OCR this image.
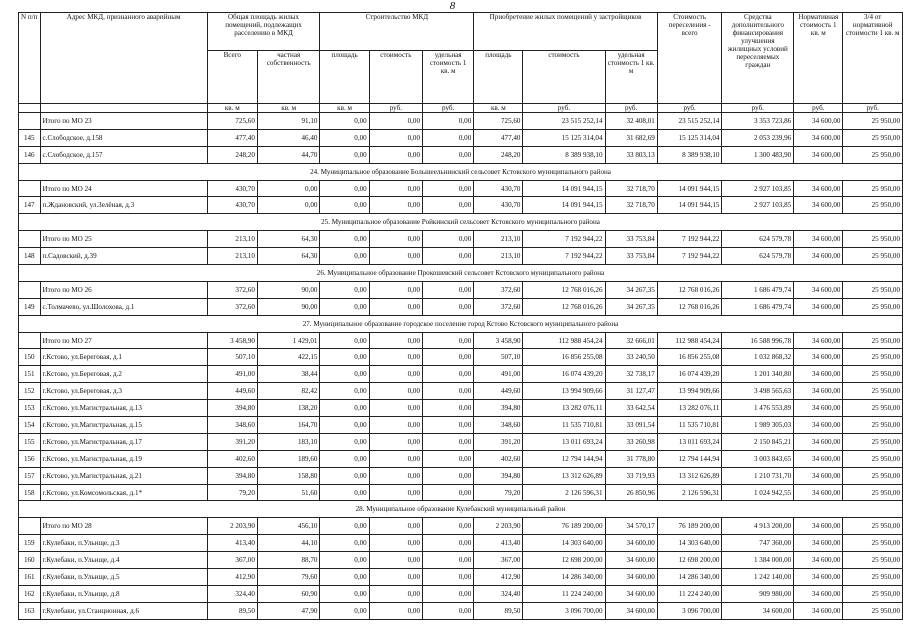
8
N п/п	Адрес МКД, признанного аварийным	Общая площадь жилых помещений, подлежащих расселению в МКД		Строительство МКД			Приобретение жилых помещений у застройщиков			Стоимость переселения - всего	Средства дополнительного финансирования улучшения жилищных условий переселяемых граждан	Нормативная стоимость 1 кв. м	3/4 от нормативной стоимости 1 кв. м
		Всего	частная собственность	площадь	стоимость	удельная стоимость 1 кв. м	площадь	стоимость	удельная стоимость 1 кв. м				
		кв. м	кв. м	кв. м	руб.	руб.	кв. м	руб.	руб.	руб.	руб.	руб.	руб.
	Итого по МО 23	725,60	91,10	0,00	0,00	0,00	725,60	23 515 252,14	32 408,01	23 515 252,14	3 353 723,86	34 600,00	25 950,00
145	с.Слободское, д.158	477,40	46,40	0,00	0,00	0,00	477,40	15 125 314,04	31 682,69	15 125 314,04	2 053 239,96	34 600,00	25 950,00
146	с.Слободское, д.157	248,20	44,70	0,00	0,00	0,00	248,20	8 389 938,10	33 803,13	8 389 938,10	1 300 483,90	34 600,00	25 950,00
24. Муниципальное образование Большеельнинский сельсовет Кстовского муниципального района													
	Итого по МО 24	430,70	0,00	0,00	0,00	0,00	430,70	14 091 944,15	32 718,70	14 091 944,15	2 927 103,85	34 600,00	25 950,00
147	п.Ждановский, ул.Зелёная, д.3	430,70	0,00	0,00	0,00	0,00	430,70	14 091 944,15	32 718,70	14 091 944,15	2 927 103,85	34 600,00	25 950,00
25. Муниципальное образование Ройкинский сельсовет Кстовского муниципального района													
	Итого по МО 25	213,10	64,30	0,00	0,00	0,00	213,10	7 192 944,22	33 753,84	7 192 944,22	624 579,78	34 600,00	25 950,00
148	п.Садовский, д.39	213,10	64,30	0,00	0,00	0,00	213,10	7 192 944,22	33 753,84	7 192 944,22	624 579,78	34 600,00	25 950,00
26. Муниципальное образование Прокошевский сельсовет Кстовского муниципального района													
	Итого по МО 26	372,60	90,00	0,00	0,00	0,00	372,60	12 768 016,26	34 267,35	12 768 016,26	1 686 479,74	34 600,00	25 950,00
149	с.Толмачево, ул.Шолохова, д.1	372,60	90,00	0,00	0,00	0,00	372,60	12 768 016,26	34 267,35	12 768 016,26	1 686 479,74	34 600,00	25 950,00
27. Муниципальное образование городское поселение город Кстово Кстовского муниципального района													
	Итого по МО 27	3 458,90	1 429,01	0,00	0,00	0,00	3 458,90	112 988 454,24	32 666,01	112 988 454,24	16 588 996,78	34 600,00	25 950,00
150	г.Кстово, ул.Береговая, д.1	507,10	422,15	0,00	0,00	0,00	507,10	16 856 255,08	33 240,50	16 856 255,08	1 032 868,32	34 600,00	25 950,00
151	г.Кстово, ул.Береговая, д.2	491,00	38,44	0,00	0,00	0,00	491,00	16 074 439,20	32 738,17	16 074 439,20	1 201 340,80	34 600,00	25 950,00
152	г.Кстово, ул.Береговая, д.3	449,60	82,42	0,00	0,00	0,00	449,60	13 994 909,66	31 127,47	13 994 909,66	3 498 565,63	34 600,00	25 950,00
153	г.Кстово, ул.Магистральная, д.13	394,80	138,20	0,00	0,00	0,00	394,80	13 282 076,11	33 642,54	13 282 076,11	1 476 553,89	34 600,00	25 950,00
154	г.Кстово, ул.Магистральная, д.15	348,60	164,70	0,00	0,00	0,00	348,60	11 535 710,81	33 091,54	11 535 710,81	1 989 305,03	34 600,00	25 950,00
155	г.Кстово, ул.Магистральная, д.17	391,20	183,10	0,00	0,00	0,00	391,20	13 011 693,24	33 260,98	13 011 693,24	2 150 845,21	34 600,00	25 950,00
156	г.Кстово, ул.Магистральная, д.19	402,60	189,60	0,00	0,00	0,00	402,60	12 794 144,94	31 778,80	12 794 144,94	3 003 843,65	34 600,00	25 950,00
157	г.Кстово, ул.Магистральная, д.21	394,80	158,80	0,00	0,00	0,00	394,80	13 312 626,89	33 719,93	13 312 626,89	1 210 731,70	34 600,00	25 950,00
158	г.Кстово, ул.Комсомольская, д.1*	79,20	51,60	0,00	0,00	0,00	79,20	2 126 596,31	26 850,96	2 126 596,31	1 024 942,55	34 600,00	25 950,00
28. Муниципальное образование Кулебакский муниципальный район													
	Итого по МО 28	2 203,90	456,10	0,00	0,00	0,00	2 203,90	76 189 200,00	34 570,17	76 189 200,00	4 913 200,00	34 600,00	25 950,00
159	г.Кулебаки, п.Ульище, д.3	413,40	44,10	0,00	0,00	0,00	413,40	14 303 640,00	34 600,00	14 303 640,00	747 360,00	34 600,00	25 950,00
160	г.Кулебаки, п.Ульище, д.4	367,00	88,70	0,00	0,00	0,00	367,00	12 698 200,00	34 600,00	12 698 200,00	1 384 000,00	34 600,00	25 950,00
161	г.Кулебаки, п.Ульище, д.5	412,90	79,60	0,00	0,00	0,00	412,90	14 286 340,00	34 600,00	14 286 340,00	1 242 140,00	34 600,00	25 950,00
162	г.Кулебаки, п.Ульище, д.8	324,40	60,90	0,00	0,00	0,00	324,40	11 224 240,00	34 600,00	11 224 240,00	909 980,00	34 600,00	25 950,00
163	г.Кулебаки, ул.Станционная, д.6	89,50	47,90	0,00	0,00	0,00	89,50	3 096 700,00	34 600,00	3 096 700,00	34 600,00	34 600,00	25 950,00
